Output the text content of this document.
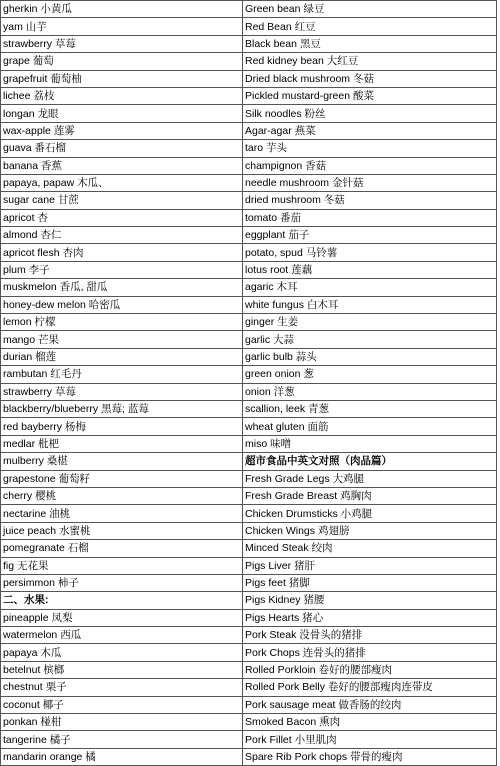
gherkin 小黄瓜	Green bean 绿豆
yam 山芋	Red Bean 红豆
strawberry 草莓	Black bean 黑豆
grape 葡萄	Red kidney bean 大红豆
grapefruit 葡萄柚	Dried black mushroom 冬菇
lichee 荔枝	Pickled mustard-green 酸菜
longan 龙眼	Silk noodles 粉丝
wax-apple 莲雾	Agar-agar 燕菜
guava 番石榴	taro 芋头
banana 香蕉	champignon 香菇
papaya, papaw 木瓜、	needle mushroom 金针菇
sugar cane 甘蔗	dried mushroom 冬菇
apricot 杏	tomato 番茄
almond 杏仁	eggplant 茄子
apricot flesh 杏肉	potato, spud 马铃薯
plum 李子	lotus root 莲藕
muskmelon 香瓜, 甜瓜	agaric 木耳
honey-dew melon 哈密瓜	white fungus 白木耳
lemon 柠檬	ginger 生姜
mango 芒果	garlic 大蒜
durian 榴莲	garlic bulb 蒜头
rambutan 红毛丹	green onion 葱
strawberry 草莓	onion 洋葱
blackberry/blueberry 黑莓; 蓝莓	scallion, leek 青葱
red bayberry 杨梅	wheat gluten 面筋
medlar 枇杷	miso 味噌
mulberry 桑椹	超市食品中英文对照（肉品篇）
grapestone 葡萄籽	Fresh Grade Legs 大鸡腿
cherry 樱桃	Fresh Grade Breast 鸡胸肉
nectarine 油桃	Chicken Drumsticks 小鸡腿
juice peach 水蜜桃	Chicken Wings 鸡翅膀
pomegranate 石榴	Minced Steak 绞肉
fig 无花果	Pigs Liver 猪肝
persimmon 柿子	Pigs feet 猪脚
二、水果:	Pigs Kidney 猪腰
pineapple 凤梨	Pigs Hearts 猪心
watermelon 西瓜	Pork Steak 没骨头的猪排
papaya 木瓜	Pork Chops 连骨头的猪排
betelnut 槟榔	Rolled Porkloin 卷好的腰部瘦肉
chestnut 栗子	Rolled Pork Belly 卷好的腰部瘦肉连带皮
coconut 椰子	Pork sausage meat 做香肠的绞肉
ponkan 椪柑	Smoked Bacon 熏肉
tangerine 橘子	Pork Fillet 小里肌肉
mandarin orange 橘	Spare Rib Pork chops 带骨的瘦肉
